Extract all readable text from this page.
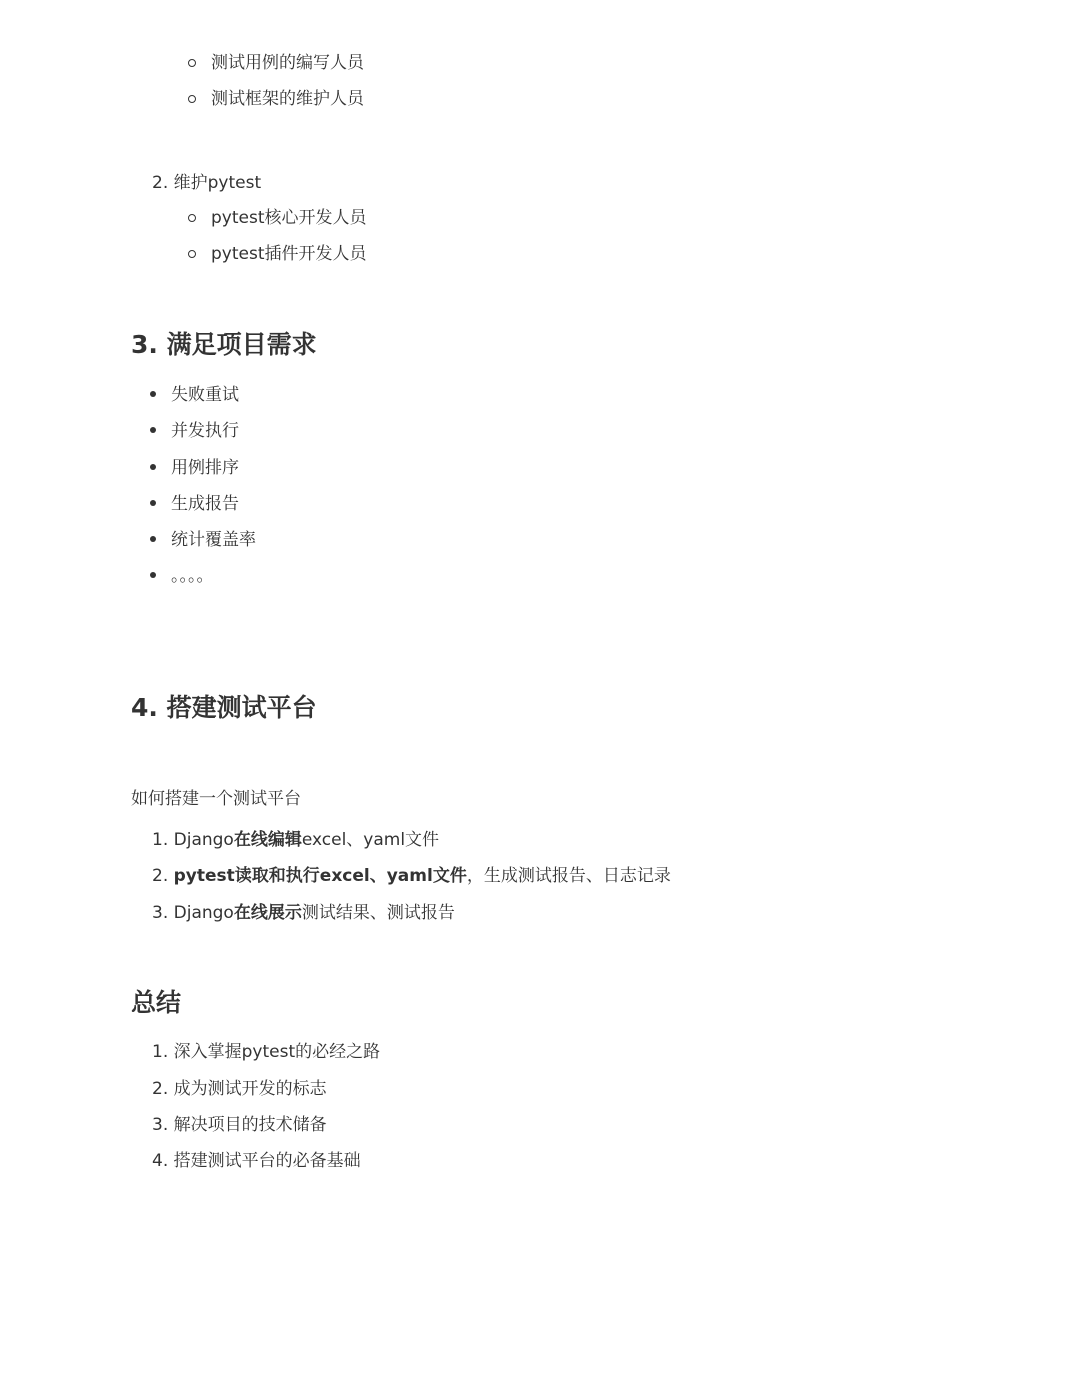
测试用例的编写人员
测试框架的维护人员
2. 维护pytest
pytest核心开发人员
pytest插件开发人员
3. 满足项目需求
失败重试
并发执行
用例排序
生成报告
统计覆盖率
。。。。
4. 搭建测试平台
如何搭建一个测试平台
1. Django在线编辑excel、yaml文件
2. pytest读取和执行excel、yaml文件，生成测试报告、日志记录
3. Django在线展示测试结果、测试报告
总结
1. 深入掌握pytest的必经之路
2. 成为测试开发的标志
3. 解决项目的技术储备
4. 搭建测试平台的必备基础
